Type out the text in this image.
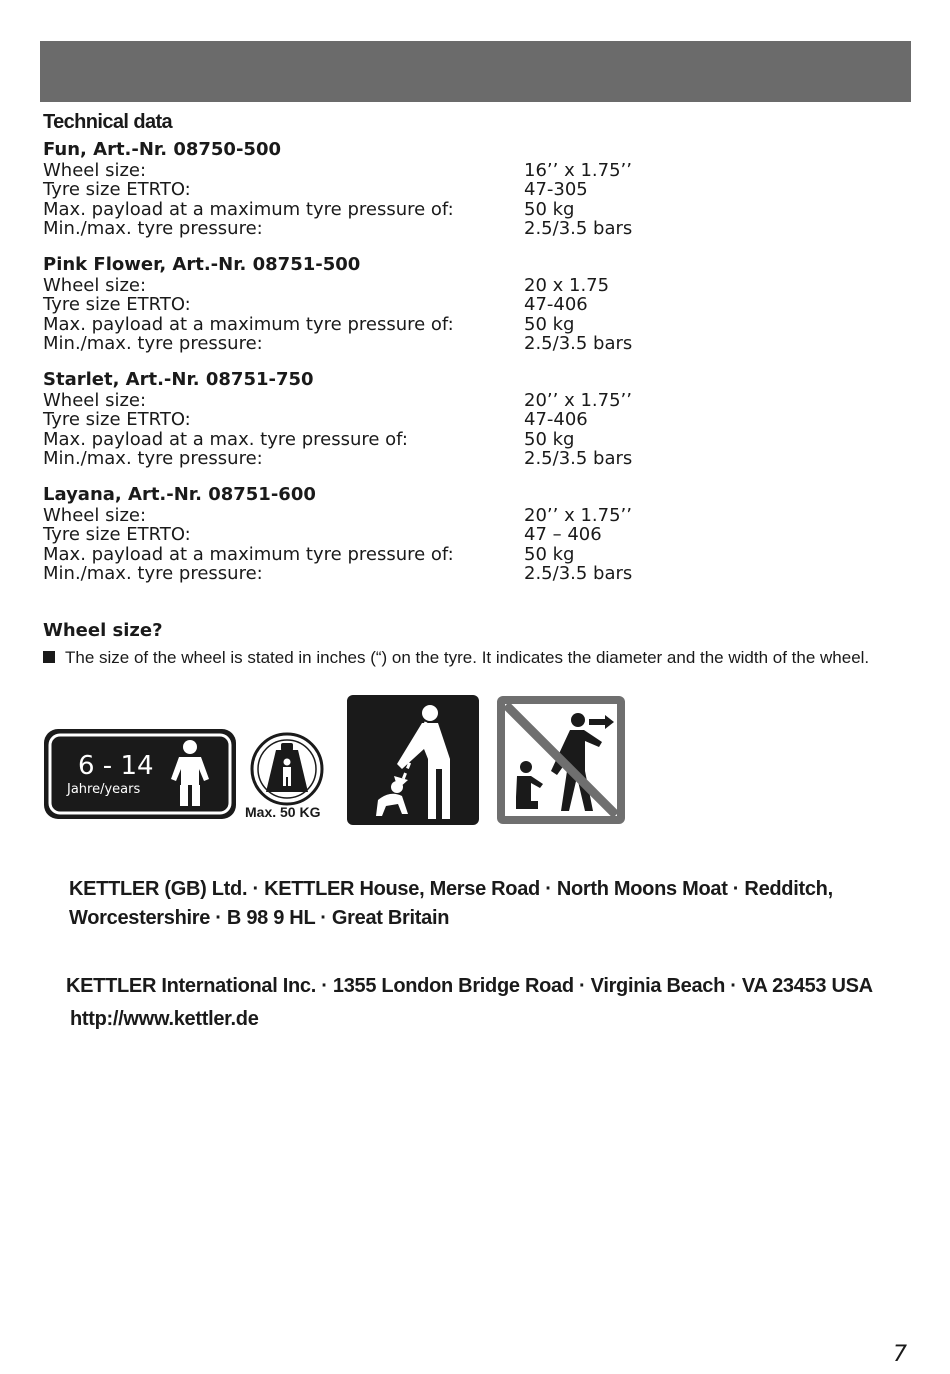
Technical data
Fun, Art.-Nr. 08750-500
Wheel size:	16’’ x 1.75’’
Tyre size ETRTO:	47-305
Max. payload at a maximum tyre pressure of:	50 kg
Min./max. tyre pressure:	2.5/3.5 bars
Pink Flower, Art.-Nr. 08751-500
Wheel size:	20 x 1.75
Tyre size ETRTO:	47-406
Max. payload at a maximum tyre pressure of:	50 kg
Min./max. tyre pressure:	2.5/3.5 bars
Starlet, Art.-Nr. 08751-750
Wheel size:	20’’ x 1.75’’
Tyre size ETRTO:	47-406
Max. payload at a max. tyre pressure of:	50 kg
Min./max. tyre pressure:	2.5/3.5 bars
Layana, Art.-Nr. 08751-600
Wheel size:	20’’ x 1.75’’
Tyre size ETRTO:	47 – 406
Max. payload at a maximum tyre pressure of:	50 kg
Min./max. tyre pressure:	2.5/3.5 bars
Wheel size?
The size of the wheel is stated in inches (“) on the tyre. It indicates the diameter and the width of the wheel.
6 - 14
Jahre/years
Max. 50 KG
KETTLER (GB) Ltd. · KETTLER House, Merse Road · North Moons Moat · Redditch,
Worcestershire · B 98 9 HL · Great Britain
KETTLER International Inc. · 1355 London Bridge Road · Virginia Beach · VA 23453 USA
http://www.kettler.de
7
